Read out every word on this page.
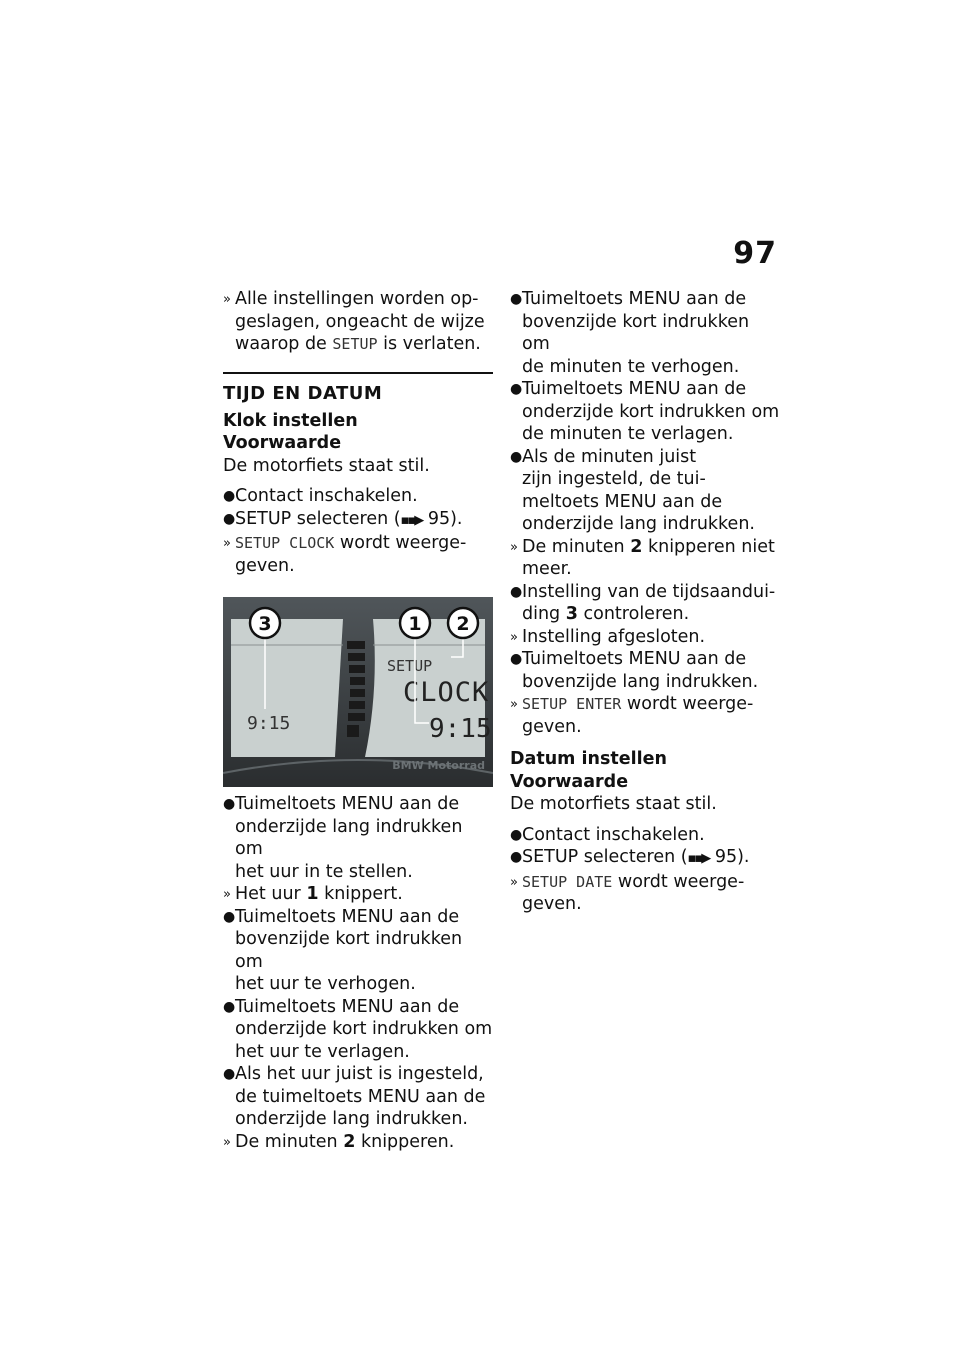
97
» Alle instellingen worden op-
geslagen, ongeacht de wijze
waarop de SETUP is verlaten.
TIJD EN DATUM
Klok instellen
Voorwaarde
De motorfiets staat stil.
● Contact inschakelen.
● SETUP selecteren (▪▪▶ 95).
» SETUP CLOCK wordt weerge-
geven.
SETUP
CLOCK
9:15
9:15
3	1 2
BMW Motorrad
● Tuimeltoets MENU aan de
onderzijde lang indrukken om
het uur in te stellen.
» Het uur 1 knippert.
● Tuimeltoets MENU aan de
bovenzijde kort indrukken om
het uur te verhogen.
● Tuimeltoets MENU aan de
onderzijde kort indrukken om
het uur te verlagen.
● Als het uur juist is ingesteld,
de tuimeltoets MENU aan de
onderzijde lang indrukken.
» De minuten 2 knipperen.
● Tuimeltoets MENU aan de
bovenzijde kort indrukken om
de minuten te verhogen.
● Tuimeltoets MENU aan de
onderzijde kort indrukken om
de minuten te verlagen.
● Als de minuten juist
zijn ingesteld, de tui-
meltoets MENU aan de
onderzijde lang indrukken.
» De minuten 2 knipperen niet
meer.
● Instelling van de tijdsaandui-
ding 3 controleren.
» Instelling afgesloten.
● Tuimeltoets MENU aan de
bovenzijde lang indrukken.
» SETUP ENTER wordt weerge-
geven.
Datum instellen
Voorwaarde
De motorfiets staat stil.
● Contact inschakelen.
● SETUP selecteren (▪▪▶ 95).
» SETUP DATE wordt weerge-
geven.
